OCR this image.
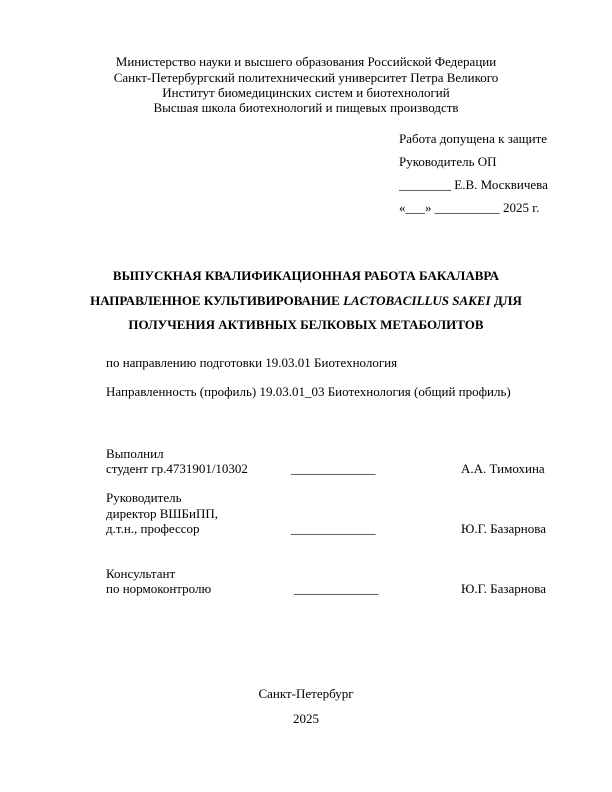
Министерство науки и высшего образования Российской Федерации
Санкт-Петербургский политехнический университет Петра Великого
Институт биомедицинских систем и биотехнологий
Высшая школа биотехнологий и пищевых производств
Работа допущена к защите
Руководитель ОП
________ Е.В. Москвичева
«___» __________ 2025 г.
ВЫПУСКНАЯ КВАЛИФИКАЦИОННАЯ РАБОТА БАКАЛАВРА
НАПРАВЛЕННОЕ КУЛЬТИВИРОВАНИЕ LACTOBACILLUS SAKEI ДЛЯ
ПОЛУЧЕНИЯ АКТИВНЫХ БЕЛКОВЫХ МЕТАБОЛИТОВ
по направлению подготовки 19.03.01 Биотехнология
Направленность (профиль) 19.03.01_03 Биотехнология (общий профиль)
Выполнил
студент гр.4731901/10302	_____________	А.А. Тимохина
Руководитель
директор ВШБиПП,
д.т.н., профессор	_____________	Ю.Г. Базарнова
Консультант
по нормоконтролю	_____________	Ю.Г. Базарнова
Санкт-Петербург
2025
